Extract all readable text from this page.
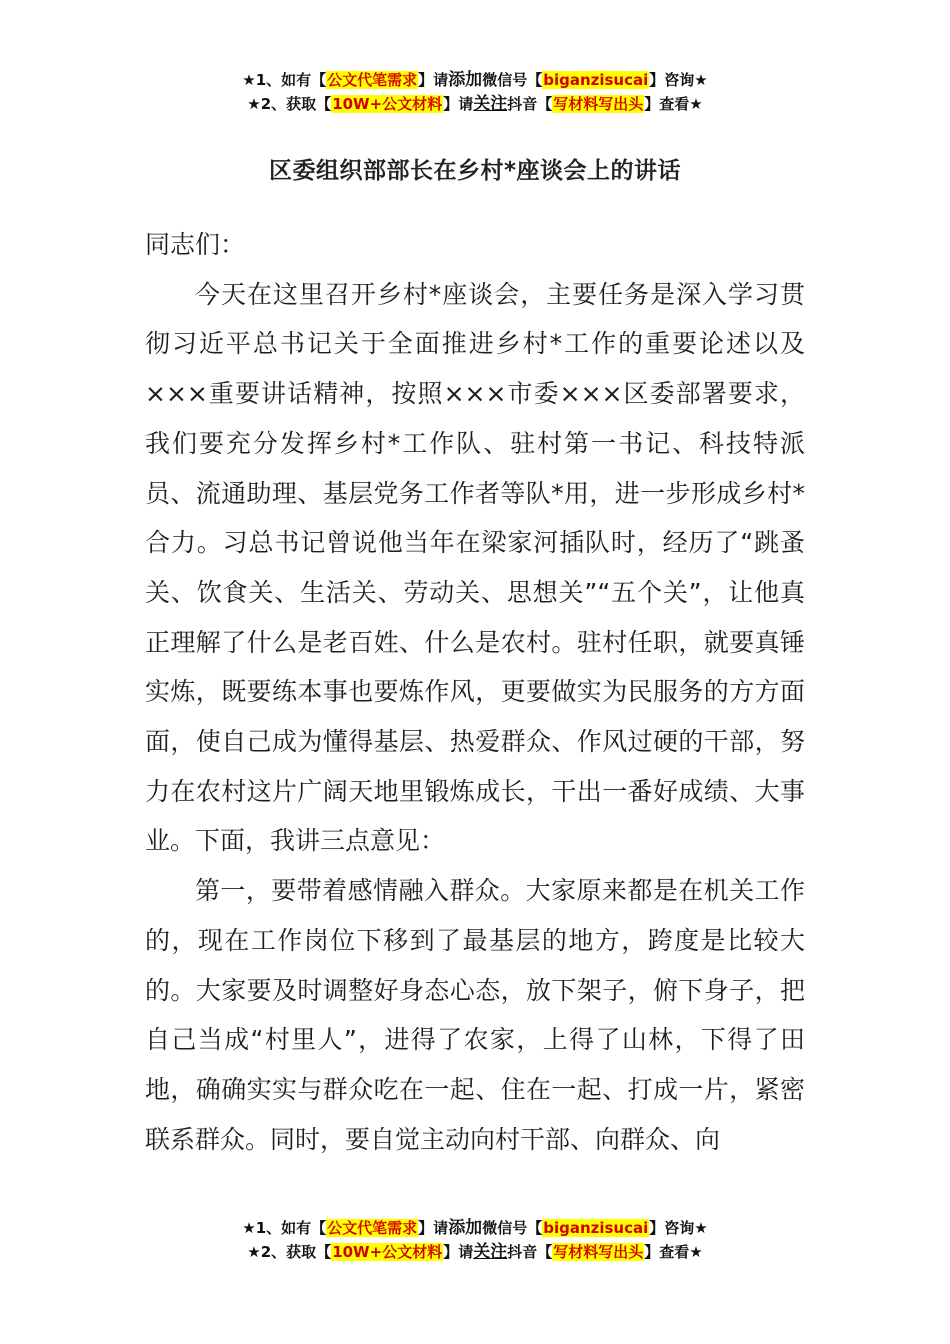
★1、如有【公文代笔需求】请添加微信号【biganzisucai】咨询★
★2、获取【10W+公文材料】请关注抖音【写材料写出头】查看★
区委组织部部长在乡村*座谈会上的讲话

同志们：

今天在这里召开乡村*座谈会，主要任务是深入学习贯彻习近平总书记关于全面推进乡村*工作的重要论述以及×××重要讲话精神，按照×××市委×××区委部署要求，我们要充分发挥乡村*工作队、驻村第一书记、科技特派员、流通助理、基层党务工作者等队*用，进一步形成乡村*合力。习总书记曾说他当年在梁家河插队时，经历了“跳蚤关、饮食关、生活关、劳动关、思想关”“五个关”，让他真正理解了什么是老百姓、什么是农村。驻村任职，就要真锤实炼，既要练本事也要炼作风，更要做实为民服务的方方面面，使自己成为懂得基层、热爱群众、作风过硬的干部，努力在农村这片广阔天地里锻炼成长，干出一番好成绩、大事业。下面，我讲三点意见：

第一，要带着感情融入群众。大家原来都是在机关工作的，现在工作岗位下移到了最基层的地方，跨度是比较大的。大家要及时调整好身态心态，放下架子，俯下身子，把自己当成“村里人”，进得了农家，上得了山林，下得了田地，确确实实与群众吃在一起、住在一起、打成一片，紧密联系群众。同时，要自觉主动向村干部、向群众、向

★1、如有【公文代笔需求】请添加微信号【biganzisucai】咨询★
★2、获取【10W+公文材料】请关注抖音【写材料写出头】查看★
